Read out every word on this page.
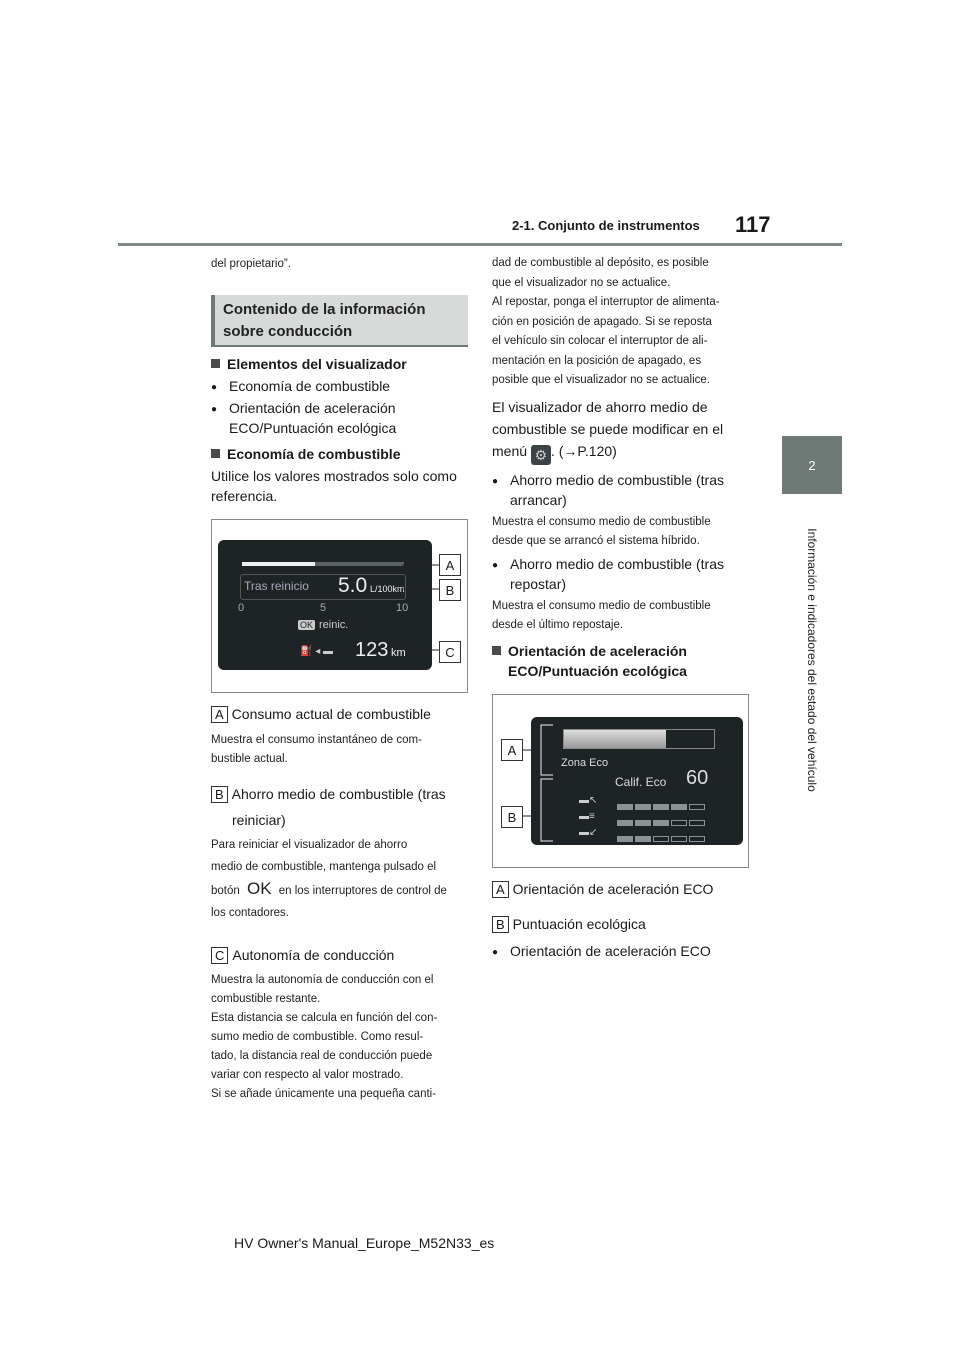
2-1. Conjunto de instrumentos 117
2
Información e indicadores del estado del vehículo
del propietario”.
Contenido de la información
sobre conducción
Elementos del visualizador
● Economía de combustible
● Orientación de aceleración
ECO/Puntuación ecológica
Economía de combustible
Utilice los valores mostrados solo como
referencia.
Tras reinicio 5.0 L/100km
0	5	10
OK reinic.
⛽ ◂ ▬ 123 km
A
B
C
A Consumo actual de combustible
Muestra el consumo instantáneo de com-
bustible actual.
B Ahorro medio de combustible (tras
reiniciar)
Para reiniciar el visualizador de ahorro
medio de combustible, mantenga pulsado el
botón OK en los interruptores de control de
los contadores.
C Autonomía de conducción
Muestra la autonomía de conducción con el
combustible restante.
Esta distancia se calcula en función del con-
sumo medio de combustible. Como resul-
tado, la distancia real de conducción puede
variar con respecto al valor mostrado.
Si se añade únicamente una pequeña canti-
dad de combustible al depósito, es posible
que el visualizador no se actualice.
Al repostar, ponga el interruptor de alimenta-
ción en posición de apagado. Si se reposta
el vehículo sin colocar el interruptor de ali-
mentación en la posición de apagado, es
posible que el visualizador no se actualice.
El visualizador de ahorro medio de
combustible se puede modificar en el
menú ⚙ . (→P.120)
● Ahorro medio de combustible (tras
arrancar)
Muestra el consumo medio de combustible
desde que se arrancó el sistema híbrido.
● Ahorro medio de combustible (tras
repostar)
Muestra el consumo medio de combustible
desde el último repostaje.
Orientación de aceleración
ECO/Puntuación ecológica
Zona Eco
Calif. Eco 60
▬↖
▬≡
▬↙
A
B
A Orientación de aceleración ECO
B Puntuación ecológica
● Orientación de aceleración ECO
HV Owner's Manual_Europe_M52N33_es
